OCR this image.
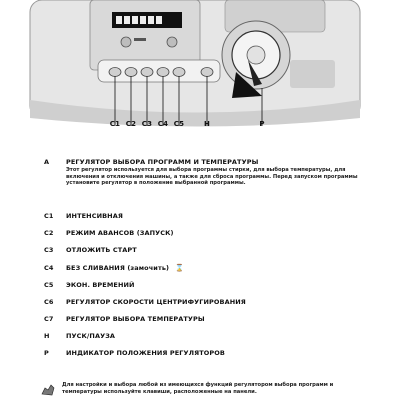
C1 C2 C3 C4 C5	H	P
A	РЕГУЛЯТОР ВЫБОРА ПРОГРАММ И ТЕМПЕРАТУРЫ
Этот регулятор используется для выбора программы стирки, для выбора температуры, для включения и отключения машины, а также для сброса программы. Перед запуском программы установите регулятор в положение выбранной программы.
C1 ИНТЕНСИВНАЯ
C2 РЕЖИМ АВАНСОВ (ЗАПУСК)
C3 ОТЛОЖИТЬ СТАРТ
C4 БЕЗ СЛИВАНИЯ (замочить) ⌛
C5 ЭКОН. ВРЕМЕНИЙ
C6 РЕГУЛЯТОР СКОРОСТИ ЦЕНТРИФУГИРОВАНИЯ
C7 РЕГУЛЯТОР ВЫБОРА ТЕМПЕРАТУРЫ
H	ПУСК/ПАУЗА
P	ИНДИКАТОР ПОЛОЖЕНИЯ РЕГУЛЯТОРОВ
Для настройки и выбора любой из имеющихся функций регулятором выбора программ и температуры используйте клавиши, расположенные на панели.
